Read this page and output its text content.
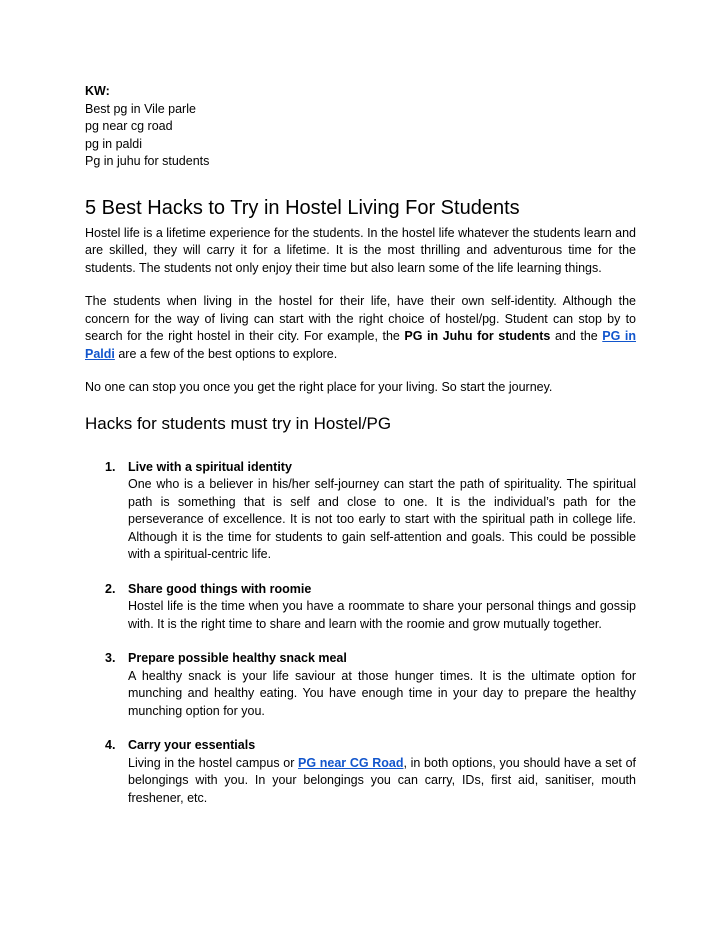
KW:
Best pg in Vile parle
pg near cg road
pg in paldi
Pg in juhu for students
5 Best Hacks to Try in Hostel Living For Students

Hostel life is a lifetime experience for the students. In the hostel life whatever the students learn and are skilled, they will carry it for a lifetime. It is the most thrilling and adventurous time for the students. The students not only enjoy their time but also learn some of the life learning things.

The students when living in the hostel for their life, have their own self-identity. Although the concern for the way of living can start with the right choice of hostel/pg. Student can stop by to search for the right hostel in their city. For example, the PG in Juhu for students and the PG in Paldi are a few of the best options to explore.

No one can stop you once you get the right place for your living. So start the journey.

Hacks for students must try in Hostel/PG
1. Live with a spiritual identity
One who is a believer in his/her self-journey can start the path of spirituality. The spiritual path is something that is self and close to one. It is the individual’s path for the perseverance of excellence. It is not too early to start with the spiritual path in college life. Although it is the time for students to gain self-attention and goals. This could be possible with a spiritual-centric life.
2. Share good things with roomie
Hostel life is the time when you have a roommate to share your personal things and gossip with. It is the right time to share and learn with the roomie and grow mutually together.
3. Prepare possible healthy snack meal
A healthy snack is your life saviour at those hunger times. It is the ultimate option for munching and healthy eating. You have enough time in your day to prepare the healthy munching option for you.
4. Carry your essentials
Living in the hostel campus or PG near CG Road, in both options, you should have a set of belongings with you. In your belongings you can carry, IDs, first aid, sanitiser, mouth freshener, etc.
